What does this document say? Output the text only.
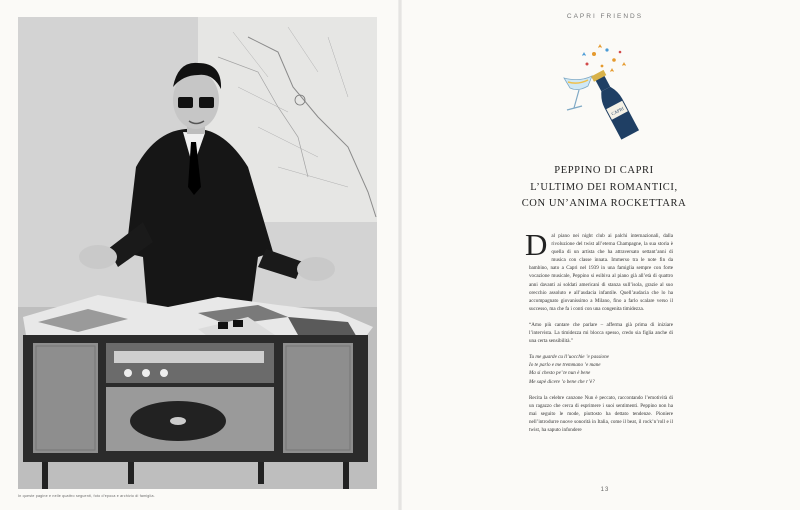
In queste pagine e nelle quattro seguenti, foto d’epoca e archivio di famiglia.
CAPRI FRIENDS
CAPRI
PEPPINO DI CAPRI
L’ULTIMO DEI ROMANTICI,
CON UN’ANIMA ROCKETTARA

D al piano nei night club ai palchi internazionali, dalla rivoluzione del twist all’eterna Champagne, la sua storia è quella di un artista che ha attraversato settant’anni di musica con classe innata. Immerso tra le note fin da bambino, nato a Capri nel 1939 in una famiglia sempre con forte vocazione musicale, Peppino si esibiva al piano già all’età di quattro anni davanti ai soldati americani di stanza sull’isola, grazie al suo orecchio assoluto e all’audacia infantile. Quell’audacia che lo ha accompagnato giovanissimo a Milano, fino a farlo scalare verso il successo, ma che fa i conti con una congenita timidezza.

“Amo più cantare che parlare – afferma già prima di iniziare l’intervista. La timidezza mi blocca spesso, credo sia figlia anche di una certa sensibilità.”

Tu me guarde cu ll’uocchie ’e passione
Io te parlo e me tremmano ’e mane
Ma si chesto pe’ te nun è bene
Me sapè dicere ’o bene che r’è?

Recita la celebre canzone Nun è peccato, raccontando l’emotività di un ragazzo che cerca di esprimere i suoi sentimenti. Peppino non ha mai seguito le mode, piuttosto ha dettato tendenze. Pioniere nell’introdurre nuove sonorità in Italia, come il beat, il rock’n’roll e il twist, ha saputo infondere

13
